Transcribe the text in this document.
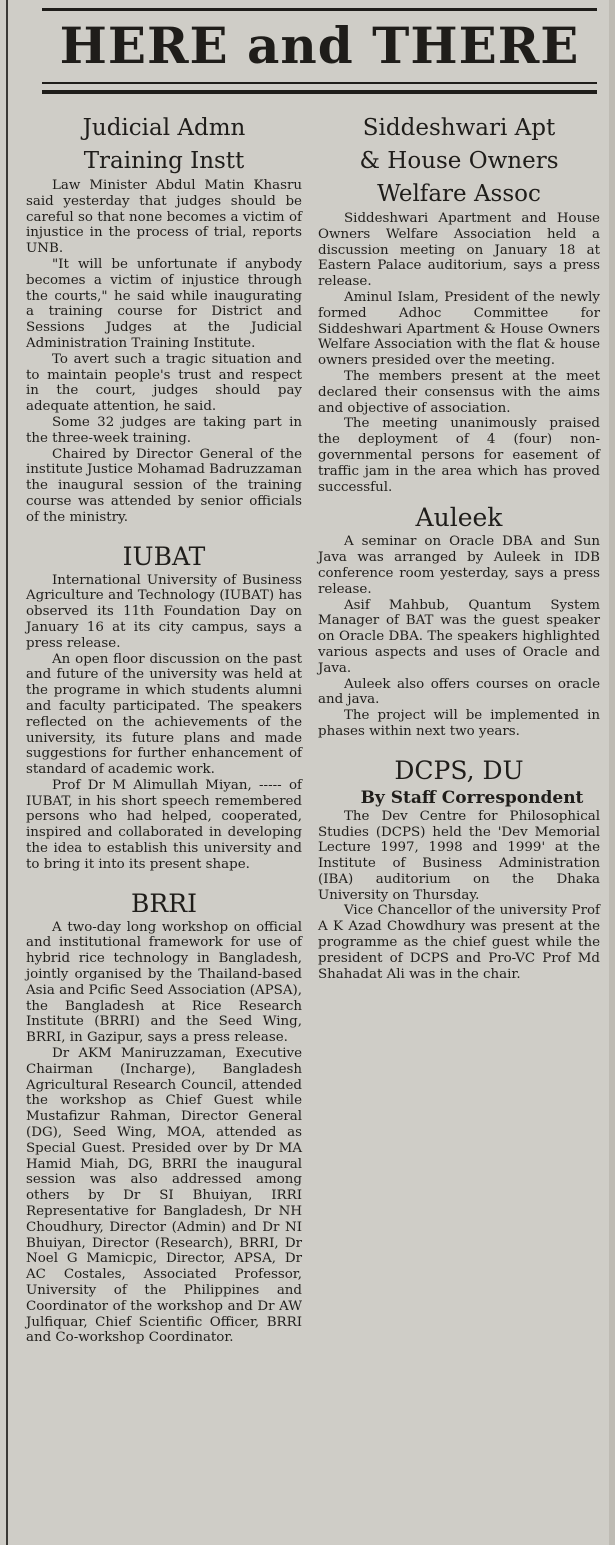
HERE and THERE
Judicial Admn
Training Instt

Law Minister Abdul Matin Khasru said yesterday that judges should be careful so that none becomes a victim of injustice in the process of trial, reports UNB.

"It will be unfortunate if anybody becomes a victim of injustice through the courts," he said while inaugurating a training course for District and Sessions Judges at the Judicial Administration Training Institute.

To avert such a tragic situation and to maintain people's trust and respect in the court, judges should pay adequate attention, he said.

Some 32 judges are taking part in the three-week training.

Chaired by Director General of the institute Justice Mohamad Badruzzaman the inaugural session of the training course was attended by senior officials of the ministry.

IUBAT

International University of Business Agriculture and Technology (IUBAT) has observed its 11th Foundation Day on January 16 at its city campus, says a press release.

An open floor discussion on the past and future of the university was held at the programe in which students alumni and faculty participated. The speakers reflected on the achievements of the university, its future plans and made suggestions for further enhancement of standard of academic work.

Prof Dr M Alimullah Miyan, ----- of IUBAT, in his short speech remembered persons who had helped, cooperated, inspired and collaborated in developing the idea to establish this university and to bring it into its present shape.

BRRI

A two-day long workshop on official and institutional framework for use of hybrid rice technology in Bangladesh, jointly organised by the Thailand-based Asia and Pcific Seed Association (APSA), the Bangladesh at Rice Research Institute (BRRI) and the Seed Wing, BRRI, in Gazipur, says a press release.

Dr AKM Maniruzzaman, Executive Chairman (Incharge), Bangladesh Agricultural Research Council, attended the workshop as Chief Guest while Mustafizur Rahman, Director General (DG), Seed Wing, MOA, attended as Special Guest. Presided over by Dr MA Hamid Miah, DG, BRRI the inaugural session was also addressed among others by Dr SI Bhuiyan, IRRI Representative for Bangladesh, Dr NH Choudhury, Director (Admin) and Dr NI Bhuiyan, Director (Research), BRRI, Dr Noel G Mamicpic, Director, APSA, Dr AC Costales, Associated Professor, University of the Philippines and Coordinator of the workshop and Dr AW Julfiquar, Chief Scientific Officer, BRRI and Co-workshop Coordinator.

Siddeshwari Apt
& House Owners
Welfare Assoc

Siddeshwari Apartment and House Owners Welfare Association held a discussion meeting on January 18 at Eastern Palace auditorium, says a press release.

Aminul Islam, President of the newly formed Adhoc Committee for Siddeshwari Apartment & House Owners Welfare Association with the flat & house owners presided over the meeting.

The members present at the meet declared their consensus with the aims and objective of association.

The meeting unanimously praised the deployment of 4 (four) non-governmental persons for easement of traffic jam in the area which has proved successful.

Auleek

A seminar on Oracle DBA and Sun Java was arranged by Auleek in IDB conference room yesterday, says a press release.

Asif Mahbub, Quantum System Manager of BAT was the guest speaker on Oracle DBA. The speakers highlighted various aspects and uses of Oracle and Java.

Auleek also offers courses on oracle and java.

The project will be implemented in phases within next two years.

DCPS, DU

By Staff Correspondent

The Dev Centre for Philosophical Studies (DCPS) held the 'Dev Memorial Lecture 1997, 1998 and 1999' at the Institute of Business Administration (IBA) auditorium on the Dhaka University on Thursday.

Vice Chancellor of the university Prof A K Azad Chowdhury was present at the programme as the chief guest while the president of DCPS and Pro-VC Prof Md Shahadat Ali was in the chair.
